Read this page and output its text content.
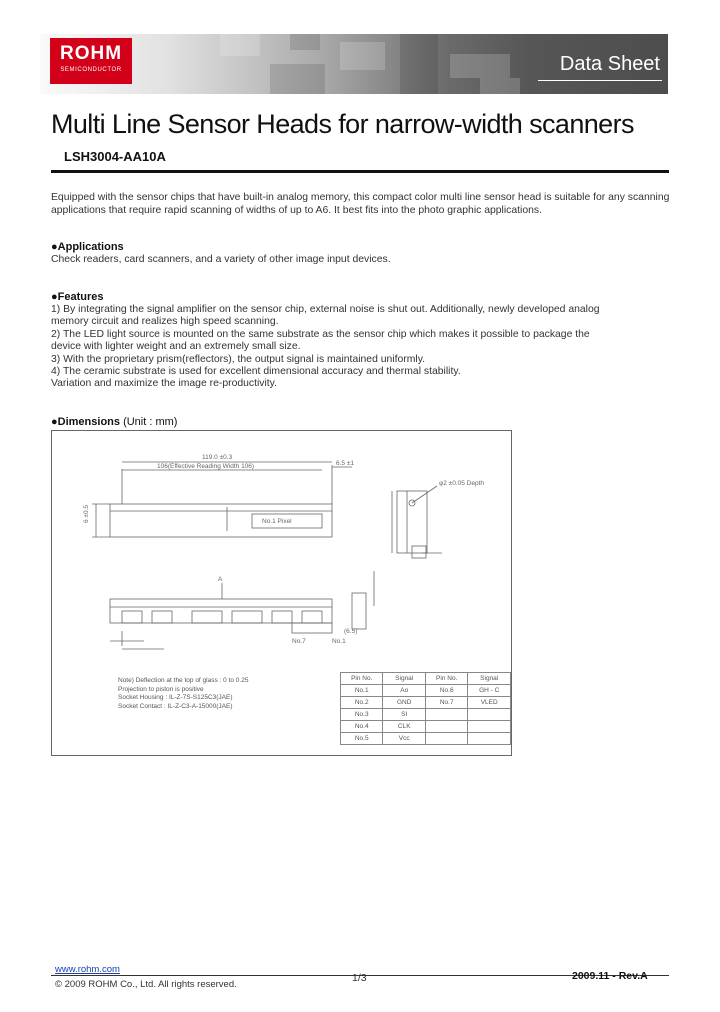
ROHM
SEMICONDUCTOR	Data Sheet
Multi Line Sensor Heads for narrow-width scanners
LSH3004-AA10A
Equipped with the sensor chips that have built-in analog memory, this compact color multi line sensor head is suitable for any scanning applications that require rapid scanning of widths of up to A6. It best fits into the photo graphic applications.
●Applications
Check readers, card scanners, and a variety of other image input devices.
●Features
1) By integrating the signal amplifier on the sensor chip, external noise is shut out. Additionally, newly developed analog
memory circuit and realizes high speed scanning.
2) The LED light source is mounted on the same substrate as the sensor chip which makes it possible to package the
device with lighter weight and an extremely small size.
3) With the proprietary prism(reflectors), the output signal is maintained uniformly.
4) The ceramic substrate is used for excellent dimensional accuracy and thermal stability.
Variation and maximize the image re-productivity.
●Dimensions (Unit : mm)
119.0 ±0.3
106(Effective Reading Width 106)	6.5 ±1
6 ±0.5	No.1 Pixel
φ2 ±0.05 Depth
A
No.7	No.1
(6.5)
Note) Deflection at the top of glass : 0 to 0.25
Projection to piston is positive
Socket Housing : IL-Z-7S-S125C3(JAE)
Socket Contact : IL-Z-C3-A-15000(JAE)
Pin No.	Signal	Pin No.	Signal
No.1	Ao	No.6	GH - C
No.2	GND	No.7	VLED
No.3	SI		
No.4	CLK		
No.5	Vcc		
www.rohm.com
© 2009 ROHM Co., Ltd. All rights reserved.
1/3	2009.11 - Rev.A
